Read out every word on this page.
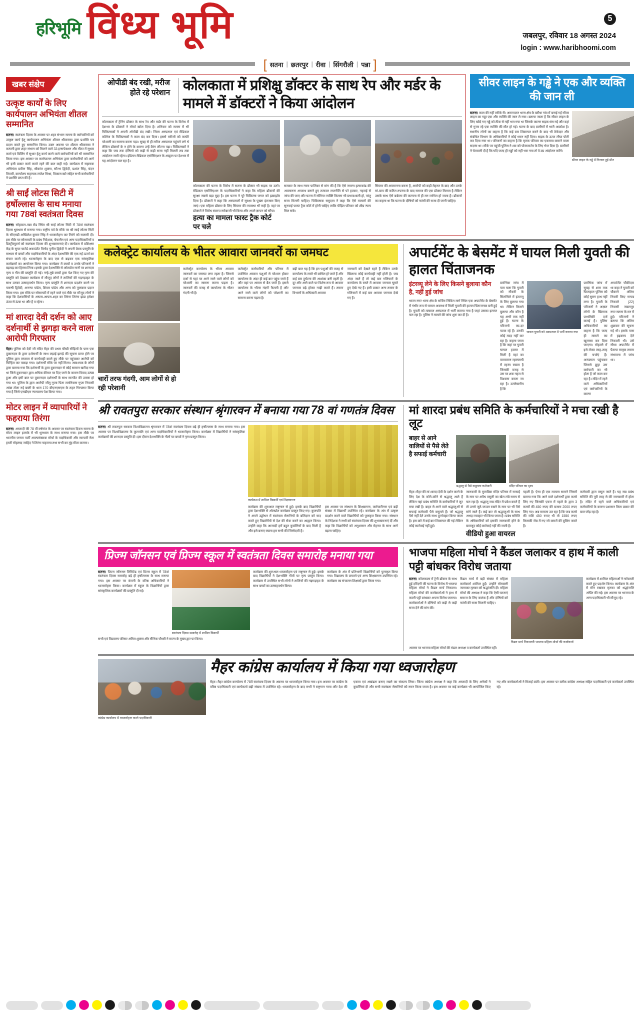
हरिभूमि विंध्य भूमि	5
जबलपुर, रविवार 18 अगस्त 2024
login : www.haribhoomi.com
[ सतना | छतरपुर | रीवा | सिंगरौली | पन्ना ]
खबर संक्षेप
उत्कृष्ट कार्यों के लिए कार्यपालन अभियंता शीतल सम्मानित
सतना। स्वतंत्रता दिवस के अवसर पर शहर संभाग सतना के कर्मचारियों को उत्कृष्ट कार्य हेतु कार्यपालन अभियंता शीतल श्रीवास्तव द्वारा प्रशस्ति पत्र प्रदान करते हुए सम्मानित किया। उक्त अवसर पर शीतल श्रीवास्तव ने कम्पनी द्वारा शहर संभाग को मिलने वाले 33 इन्सपेक्शन और मीटर में सुधार कार्य एवं बिलिंग में सुधार हेतु कार्य करने वाले कर्मचारियों को भी सम्मानित किया गया। इस अवसर पर कार्यपालन अभियंता द्वारा कर्मचारियों को आगे भी इसी प्रकार कार्य करते रहने की बात कही गई। कार्यक्रम में सहायक अभियंता प्रवीण सिंह, श्रीकांत शुक्ला, सौरभ द्विवेदी, प्रशांत सिंह, चंदन तिवारी, कार्यालय सहायक राजेश मिश्रा, विकास खरे सहित सभी कर्मचारियों ने प्रशस्ति प्राप्त की है।
श्री साईं लोटस सिटी में हर्षोल्लास के साथ मनाया गया 78वां स्वतंत्रता दिवस
सतना। सोहावल-पन्ना रोड स्थित श्री साईं लोटस सिटी में 78वां स्वतंत्रता दिवस धूमधाम से मनाया गया। राष्ट्रीय पर्व के मौके पर श्री साईं लोटस सिटी के सीएमडी अखिलेश कुमार सिंह ने ध्वजारोहण कर तिरंगे को सलामी दी। इस मौके पर सोसायटी के प्रबंध निदेशक, चेयरमैन एवं अन्य पदाधिकारियों व डिस्ट्रीब्यूटर्स को स्वतंत्रता दिवस की शुभकामनाएं दी। कार्यक्रम में प्रशिक्षण केंद्र के सुपर चार्टर्ड अकाउंटेंट विनोद पुनीत द्विवेदी ने अपनी प्रेरक प्रस्तुति के माध्यम से बच्चों और पदाधिकारियों के अंदर देशभक्ति की एक नई ऊर्जा का संचार करते रहे। ध्वजारोहण के बाद एक से बढ़कर एक सांस्कृतिक कार्यक्रमों का आयोजन किया गया। कार्यक्रम में बच्चों व उनके परिजनों ने बढ़चढ़ कर हिस्सा लिया। इसके द्वारा देशभक्ति से ओतप्रोत गानों पर शानदार नृत्य व गीत की प्रस्तुति दी गई। नन्हे-मुन्ने बच्चों द्वारा पेश किए गए नृत्य की प्रस्तुति को देखकर कार्यक्रम में मौजूद लोगों ने तालियों की गड़गड़ाहट के साथ उनका उत्साहवर्धन किया। नृत्य प्रस्तुति में शानदार प्रदर्शन करने पर पारुषी द्विवेदी, अनन्या पांडेय, शिवम पांडेय और अन्य को पुरस्कार प्रदान किया गया। इस मौके पर सोसायटी में रहने वाले एवं मौके पर मौजूद लोगों ने कहा कि देशवासियों के आपस-आपस-शहर का तिरंगा तिरंगा झंडा हमेशा ऊंचा से ऊंचा था और है व रहेगा।
मां शारदा देवी दर्शन को आए दर्शनार्थी से झगड़ा करने वाला आरोपी गिरफ्तार
मैहर। पुलिस को देवी जी मंदिर मैहर की प्रथम चौखी सीढ़ियों के पास एक दुकानदार के द्वारा दर्शनार्थी के साथ लड़ाई झगड़े की सूचना प्राप्त होने पर पुलिस द्वारा तत्परता से कार्यवाही करते हुए मौके पर पहुंचकर आरोपी को चिन्हित कर पकड़ा गया। दर्शनार्थी मौके पर नहीं मिला। आवश्यक के लोगों द्वारा बताया गया कि दर्शनार्थी के द्वारा दुकानदार से कोई सामान खरीदा गया था जिसे दुकानदार द्वारा अधिक कीमत पर दिए जाने के कारण विवाद उत्पन्न हुआ और इसी बात पर दुकानदार दर्शनार्थी के साथ मारपीट की उतारू हो गया था। पुलिस के द्वारा आरोपी जीतू गुप्ता पिता रामनिवास गुप्ता निवासी आंबा टोला नई बस्ती के धारा 170 बीएनएसएस के तहत गिरफ्तार किया गया है जिसे एसडीएम न्यायालय पेश किया गया।
मोटर लाइन में व्यापारियों ने फहराया तिरंगा
सतना। आजादी की 78 वीं वर्षगांठ के अवसर पर स्वतंत्रता दिवस सतना के मोटर लाइन इलाके में भी धूमधाम के साथ मनाया गया। इस मौके पर भारतीय जनता पार्टी आल्पसंख्यक मोर्चा के पदाधिकारी और व्यापारी नेता हाजी मोहम्मद जाहिद ने तिरंगा फहराया तथा सभी का मुंह मीठा कराया।
ओपीडी बंद रखी, मरीज होते रहे परेशान कोलकाता में प्रशिक्षु डॉक्टर के साथ रेप और मर्डर के मामले में डॉक्टरों ने किया आंदोलन
कोलकाता में ट्रेनिंग डॉक्टर के साथ रेप और मर्डर की घटना के विरोध में देशभर के डॉक्टरों ने मोर्चा खोल दिया है। शनिवार को सतना में भी चिकित्सकों ने अपनी ओपीडी बंद रखी। जिला अस्पताल एवं मेडिकल कॉलेज के चिकित्सकों ने काम बंद कर दिया। इससे मरीजों को काफी परेशानी का सामना करना पड़ा। सुबह से ही मरीज अस्पताल पहुंचने लगे थे लेकिन डॉक्टरों के न होने के कारण उन्हें बैरंग लौटना पड़ा। चिकित्सकों ने कहा कि जब तक दोषियों को कड़ी से कड़ी सजा नहीं मिलती तब तक आंदोलन जारी रहेगा। इंडियन मेडिकल एसोसिएशन के आह्वान पर देशभर में यह आंदोलन चल रहा है।
कोलकाता की घटना के विरोध में सतना के डॉक्टर भी सड़क पर उतरे। मेडिकल एसोसिएशन के पदाधिकारियों ने कहा कि महिला डॉक्टरों की सुरक्षा सबसे बड़ा मुद्दा है। इस घटना ने पूरे चिकित्सा जगत को झकझोर दिया है। डॉक्टरों ने कहा कि अस्पतालों में सुरक्षा के पुख्ता इंतजाम किए जाएं। एक महिला डॉक्टर के लिए सिस्टम की व्यवस्था भी सही है। वहां पर डॉक्टरों ने विरोध स्वरूप नारेबाजी भी किया और अपने ज्ञापन को सौंपा।
हत्या का मामला फास्ट ट्रैक कोर्ट पर चले
सरकार के साथ न्याय पालिका से मांग की है कि ऐसे जघन्य हत्याकांड की अवमानना अपराध बनाने हुए तत्काल राजनीति से परे हटकर, गहराई से जांच की जाए और घटना में संलिप्त व्यक्ति कितना भी प्रभावशाली हो, परंतु सजा मिलनी चाहिए। चिकित्सक समुदाय ने कहा कि ऐसे मामलों की सुनवाई फास्ट ट्रैक कोर्ट में होनी चाहिए ताकि पीड़ित परिवार को शीघ्र न्याय मिल सके।
सिस्टम की अवमानना करना है, आरोपी को कड़ी मेहनत के बाद और उनके मां-बाप की कठिन तपस्या के बाद समाज की एक डॉक्टर मिलता है लेकिन उसके साथ ऐसे बर्बरता की कल्पना से ही मन व्यथित हो जाता है। डॉक्टरों का कहना था कि घटना के दोषियों को फांसी की सजा दी जानी चाहिए।
सीवर लाइन के गड्ढे ने एक और व्यक्ति की जान ली
सतना। काम की नहीं तरीके सेे। अमरपाटन थाना क्षेत्र के बरौंधा गांव में बनाई गई सीवर लाइन का गड्ढा एक और व्यक्ति की जान ले गया। बताया जाता है कि सीवर लाइन के लिए खोदे गए गड्ढे को ठीक से नहीं भरा गया था जिसके कारण सड़क धंस गई और वहां से गुजर रहे एक व्यक्ति की मौत हो गई। घटना के बाद ग्रामीणों में भारी आक्रोश है। स्थानीय लोगों का कहना है कि कई बार शिकायत करने के बाद भी ठेकेदार और संबंधित विभाग के अधिकारियों ने कोई ध्यान नहीं दिया। सड़क के ऊपर लीपा पोती कर दिया गया था। परिजनों का कहना है कि मृतक परिवार का एकमात्र कमाने वाला सदस्य था। मौके पर पहुंची पुलिस ने शव को पोस्टमार्टम के लिए भेज दिया है। ग्रामीणों ने चेतावनी दी है कि यदि जल्द ही गड्ढों को नहीं भरा गया तो वे उग्र आंदोलन करेंगे।
सीवर लाइन के गड्ढे में गिरकर हुई मौत
कलेक्ट्रेट कार्यालय के भीतर आवारा जानवरों का जमघट
चारों तरफ गंदगी, आम लोगों से हो रही परेशानी
कलेक्ट्रेट कार्यालय के भीतर आवारा जानवरों का जमघट लगा रहता है। जिससे दर्जा से यहां पर आने जाने वाले लोगों को परेशानी का सामना करना पड़ता है। जानवरों की वजह से कार्यालय के भीतर गंदगी भी है।
कलेक्ट्रेट कर्मचारियों और परिसर में उपस्थित आवारा पशुओं से परेशान होकर कार्यालय के अंदर ही कई बार पहुंच जाते हैं और वहां पर आराम से बैठ जाते हैं। इससे कार्यालय के भीतर गंदगी फैलती है और आने जाने वाले लोगों को परेशानी का सामना करना पड़ता है।
बड़ी बात यह है कि इन पशुओं की वजह से कार्यालय के रास्ते भी बाधित हो जाते हैं और कई बार दुर्घटना की आशंका बनी रहती है। दूर और आने वाले पर विशेष रूप से आवारा जानवर बड़े होकर गाड़ी करते हैं। तमाम विभागों के अधिकारी आवारा
जानवरों को देखते रहते हैं लेकिन उनके खिलाफ कोई कार्यवाही नहीं होती है। जब अंदर जाते हैं तो कई बार गलियारों के कार्यालय के रास्ते में आवारा जानवर घूमते हुए देखे गए हैं। इसी प्रकार अन्य तमाम के गलियारों में कई बार आवारा जानवर देखे गए हैं।
अपार्टमेंट के बेसमेंट में घायल मिली युवती की हालत चिंताजनक
इंटरव्यू लेने के लिए किसने बुलाया कौन है, नहीं हुई जांच
भारत नगर थाना क्षेत्र के सर्विस सिविल मार्ग स्थित एक अपार्टमेंट के बेसमेंट में गंभीर रूप से घायल अवस्था में मिली युवती की हालत चिंताजनक बनी हुई है। युवती को तत्काल अस्पताल में भर्ती कराया गया है जहां उसका इलाज चल रहा है। पुलिस ने मामले की जांच शुरू कर दी है।
प्रारंभिक जांच में पता चला कि युवती को नौकरी के सिलसिले में इंटरव्यू के लिए बुलाया गया था। लेकिन किसने बुलाया और कौन है यह अभी तक नहीं हुई है। घटना के परिजनों का-दर पटक रहे हैं। उनकी कोई मदद नहीं कर रहा है। कहना जाता है कि जहां पर युवती घायल हालत में मिली है वहां का वातावरण रहस्यमयी में रहस्य रखता है जिसकी वजह से उस पर शक गहरा से विश्वास करता जा रहा है। उल्लेखनीय है कि
घायल युवती को अस्पताल में भर्ती कराया गया
प्रारंभिक जांच में सुबह से शाम तक फिलहाल पुलिस को कोई सुराग हाथ नहीं लगा है। युवती के परिजनों ने अज्ञात लोगों के खिलाफ प्राथमिकी दर्ज कराई है। पुलिस अधिकारियों का कहना है कि जल्द ही मामले का खुलासा कर दिया जाएगा। मोहल्ले में इसे लेकर तरह-तरह की चर्चाएं हैं। अस्पताल पहुंचकर जिससे छुट्टा उस कर्मचारी का भी होता है जो काम कर रहा है। मंदिर में रहने वाले अधिकारियों एवं कर्मचारियों के कारण
अपार्टमेंट चौकीदार था कहा ने युवती को चौकाने अंतिम निवारी किए गायब निकाले (22) निवासी जबलपुर नगर सतना के मन में हुई। परिजनों ने बताया कि अंतिम शुक्रवार की सूचना गई थी। इसके पास में हड़कम्प देते निकाली थी। उसे सीधा अपार्टमेंट में पैठाया मातृक तमाम संभावना में जांच था।
श्री रावतपुरा सरकार संस्थान श्रृंगारवन में बनाया गया 78 वां गणतंत्र दिवस
सतना। श्री रावतपुरा सरकार विश्वविद्यालय श्रृंगारवन में 78वां स्वतंत्रता दिवस बड़े ही हर्षोल्लास के साथ मनाया गया। इस अवसर पर विश्वविद्यालय के कुलपति एवं अन्य पदाधिकारियों ने ध्वजारोहण किया। कार्यक्रम में विद्यार्थियों ने सांस्कृतिक कार्यक्रमों की शानदार प्रस्तुति दी। इस दौरान देशभक्ति के गीतों पर बच्चों ने नृत्य प्रस्तुत किया।
कार्यक्रम में शामिल विद्यार्थी एवं शिक्षकगण
कार्यक्रम की शुरुआत राष्ट्रगान से हुई। इसके बाद विद्यार्थियों द्वारा देशभक्ति से ओतप्रोत कार्यक्रम प्रस्तुत किए गए। कुलपति ने अपने उद्बोधन में स्वतंत्रता सेनानियों के बलिदान को याद करते हुए विद्यार्थियों से देश की सेवा करने का आह्वान किया। उन्होंने कहा कि आजादी हमें बहुत कुर्बानियों के बाद मिली है और इसे बनाए रखना हम सभी की जिम्मेदारी है।
इस अवसर पर संस्थान के शिक्षकगण, कर्मचारीगण एवं बड़ी संख्या में विद्यार्थी उपस्थित रहे। कार्यक्रम के अंत में उत्कृष्ट प्रदर्शन करने वाले विद्यार्थियों को पुरस्कृत किया गया। संस्थान के निदेशक ने सभी को स्वतंत्रता दिवस की शुभकामनाएं दीं और कहा कि विद्यार्थियों को अनुशासन और मेहनत के साथ आगे बढ़ना चाहिए।
मां शारदा प्रबंध समिति के कर्मचारियों ने मचा रखी है लूट
बाहर से आने वालियों से पैसे लेते है सफाई कर्मचारी
श्रद्धालु से पैसे वसूलता कर्मचारी	मंदिर परिसर का दृश्य
मैहर। मैहर की मां शारदा देवी के दर्शन करने के लिए देश के कोने-कोने से श्रद्धालु आते हैं लेकिन यहां प्रबंध समिति के कर्मचारियों ने लूट मचा रखी है। बाहर से आने वाले श्रद्धालुओं से सफाई कर्मचारी पैसे वसूलते हैं। जो श्रद्धालु पैसे नहीं देते उनके साथ दुर्व्यवहार किया जाता है। इस बारे में कई बार शिकायत की गई लेकिन कोई कार्रवाई नहीं हुई।
जानकारी के मुताबिक मंदिर परिसर में सफाई के नाम पर अवैध वसूली का खेल लंबे समय से चल रहा है। श्रद्धालु जब मंदिर में प्रवेश करते हैं तो उनसे जूते-चप्पल रखने के नाम पर भी पैसे मांगे जाते हैं। कई बार तो श्रद्धालुओं के साथ अभद्र व्यवहार भी किया जाता है। प्रबंध समिति के अधिकारियों को इसकी जानकारी होने के बावजूद कोई कार्रवाई नहीं की जाती है।
वीडियो हुआ वायरल
पहली है। ऐसा ही एक मामला सामने जिसमें बताया गया कि आने वाले दर्शनार्थी द्वारा कमरे लिए गए जिसकी एवज में पहले के द्वारा 3 कमरों की 450 रुपए की बजाय 2000 रुपए लिए गए। अब मामला उठ रहा है कि जब कमरे की राशि 450 रुपए थी तो 1550 रुपए किसकी जेब में गए जो कमरों की बुकिंग करते हैं।
कर्मचारी द्वारा वसूल जाते हैं। यह सब प्रबंध समिति की पूरी तरह से की जानकारी में होता है। मंदिर में रहने वाले अधिकारियों एवं कर्मचारियों के कारण प्रशासन किस प्रकार की बात जोड़ रहा है।
प्रिज्म जॉनसन एवं प्रिज्म स्कूल में स्वतंत्रता दिवस समारोह मनाया गया
सतना। प्रिज्म जॉनसन लिमिटेड एवं प्रिज्म स्कूल में 78वां स्वतंत्रता दिवस समारोह बड़े ही हर्षोल्लास के साथ मनाया गया। इस अवसर पर कंपनी के वरिष्ठ अधिकारियों ने ध्वजारोहण किया। कार्यक्रम में स्कूल के विद्यार्थियों द्वारा सांस्कृतिक कार्यक्रमों की प्रस्तुति दी गई।
स्वतंत्रता दिवस समारोह में शामिल विद्यार्थी
कार्यक्रम की शुरुआत ध्वजारोहण एवं राष्ट्रगान से हुई। इसके बाद विद्यार्थियों ने देशभक्ति गीतों पर नृत्य प्रस्तुत किया। कार्यक्रम में उपस्थित सभी लोगों ने तालियों की गड़गड़ाहट के साथ बच्चों का उत्साहवर्धन किया।
कार्यक्रम के अंत में प्रतिभागी विद्यार्थियों को पुरस्कृत किया गया। विद्यालय के प्राचार्य एवं अन्य शिक्षकगण उपस्थित रहे। कार्यक्रम का संचालन शिक्षकों द्वारा किया गया।
सभी एवं विद्यालय परिसर अमित शुक्ला और सैनिक चौधरी ने माल्य के मुख्य द्वार पर किया।
भाजपा महिला मोर्चा ने कैंडल जलाकर व हाथ में काली पट्टी बांधकर विरोध जताया
सतना। कोलकाता में ट्रेनी डॉक्टर के साथ हुई दरिंदगी की घटना के विरोध में भाजपा महिला मोर्चा ने कैंडल मार्च निकाला। महिला मोर्चा की कार्यकर्ताओं ने हाथ में काली पट्टी बांधकर अपना विरोध जताया। कार्यकर्ताओं ने दोषियों को कड़ी से कड़ी सजा देने की मांग की।
कैंडल मार्च में बड़ी संख्या में महिला कार्यकर्ता शामिल हुईं। उन्होंने मोमबत्ती जलाकर मृतका को श्रद्धांजलि दी। महिला मोर्चा की अध्यक्ष ने कहा कि ऐसी घटनाएं समाज के लिए कलंक हैं और दोषियों को फांसी की सजा मिलनी चाहिए।
कैंडल मार्च निकालती भाजपा महिला मोर्चा की कार्यकर्ता
कार्यक्रम में शामिल महिलाओं ने नारेबाजी करते हुए प्रदर्शन किया। कार्यक्रम के अंत में मौन रखकर मृतका को श्रद्धांजलि अर्पित की गई। इस अवसर पर भाजपा के अन्य पदाधिकारी भी मौजूद रहे।
अवसर पर भाजपा महिला मोर्चा की मंडल अध्यक्ष व कार्यकर्ता उपस्थित रहीं।
कांग्रेस कार्यालय में ध्वजारोहण करते पदाधिकारी
मैहर कांग्रेस कार्यालय में किया गया ध्वजारोहण
मैहर। मैहर कांग्रेस कार्यालय में 78वें स्वतंत्रता दिवस के अवसर पर ध्वजारोहण किया गया। इस अवसर पर कांग्रेस के वरिष्ठ पदाधिकारी एवं कार्यकर्ता बड़ी संख्या में उपस्थित रहे। ध्वजारोहण के बाद सभी ने राष्ट्रगान गाया और देश की एकता एवं अखंडता बनाए रखने का संकल्प लिया। जिला कांग्रेस अध्यक्ष ने कहा कि आजादी के लिए अनेकों ने कुर्बानियां दी और सभी स्वतंत्रता सेनानियों को नमन किया जाता है। इस अवसर पर कई कार्यक्रम भी आयोजित किए गए और कार्यकर्ताओं ने मिठाई बांटी। इस अवसर पर ब्लॉक कांग्रेस अध्यक्ष सहित पदाधिकारी एवं कार्यकर्ता उपस्थित रहे।
